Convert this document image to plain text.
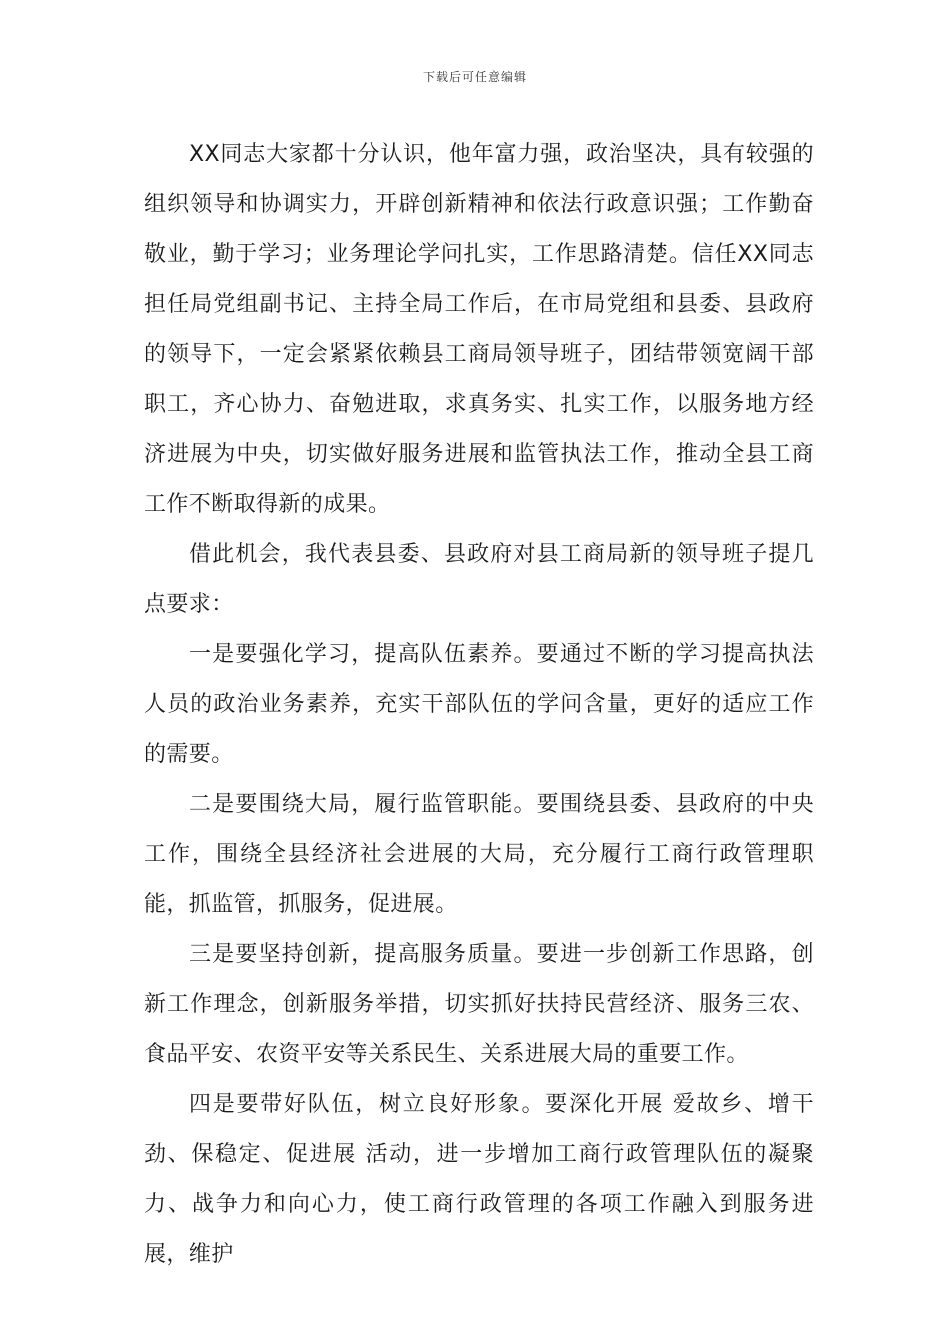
下载后可任意编辑

XX同志大家都十分认识，他年富力强，政治坚决，具有较强的组织领导和协调实力，开辟创新精神和依法行政意识强；工作勤奋敬业，勤于学习；业务理论学问扎实，工作思路清楚。信任XX同志担任局党组副书记、主持全局工作后，在市局党组和县委、县政府的领导下，一定会紧紧依赖县工商局领导班子，团结带领宽阔干部职工，齐心协力、奋勉进取，求真务实、扎实工作，以服务地方经济进展为中央，切实做好服务进展和监管执法工作，推动全县工商工作不断取得新的成果。

借此机会，我代表县委、县政府对县工商局新的领导班子提几点要求：

一是要强化学习，提高队伍素养。要通过不断的学习提高执法人员的政治业务素养，充实干部队伍的学问含量，更好的适应工作的需要。

二是要围绕大局，履行监管职能。要围绕县委、县政府的中央工作，围绕全县经济社会进展的大局，充分履行工商行政管理职能，抓监管，抓服务，促进展。

三是要坚持创新，提高服务质量。要进一步创新工作思路，创新工作理念，创新服务举措，切实抓好扶持民营经济、服务三农、食品平安、农资平安等关系民生、关系进展大局的重要工作。

四是要带好队伍，树立良好形象。要深化开展 爱故乡、增干劲、保稳定、促进展 活动，进一步增加工商行政管理队伍的凝聚力、战争力和向心力，使工商行政管理的各项工作融入到服务进展，维护
